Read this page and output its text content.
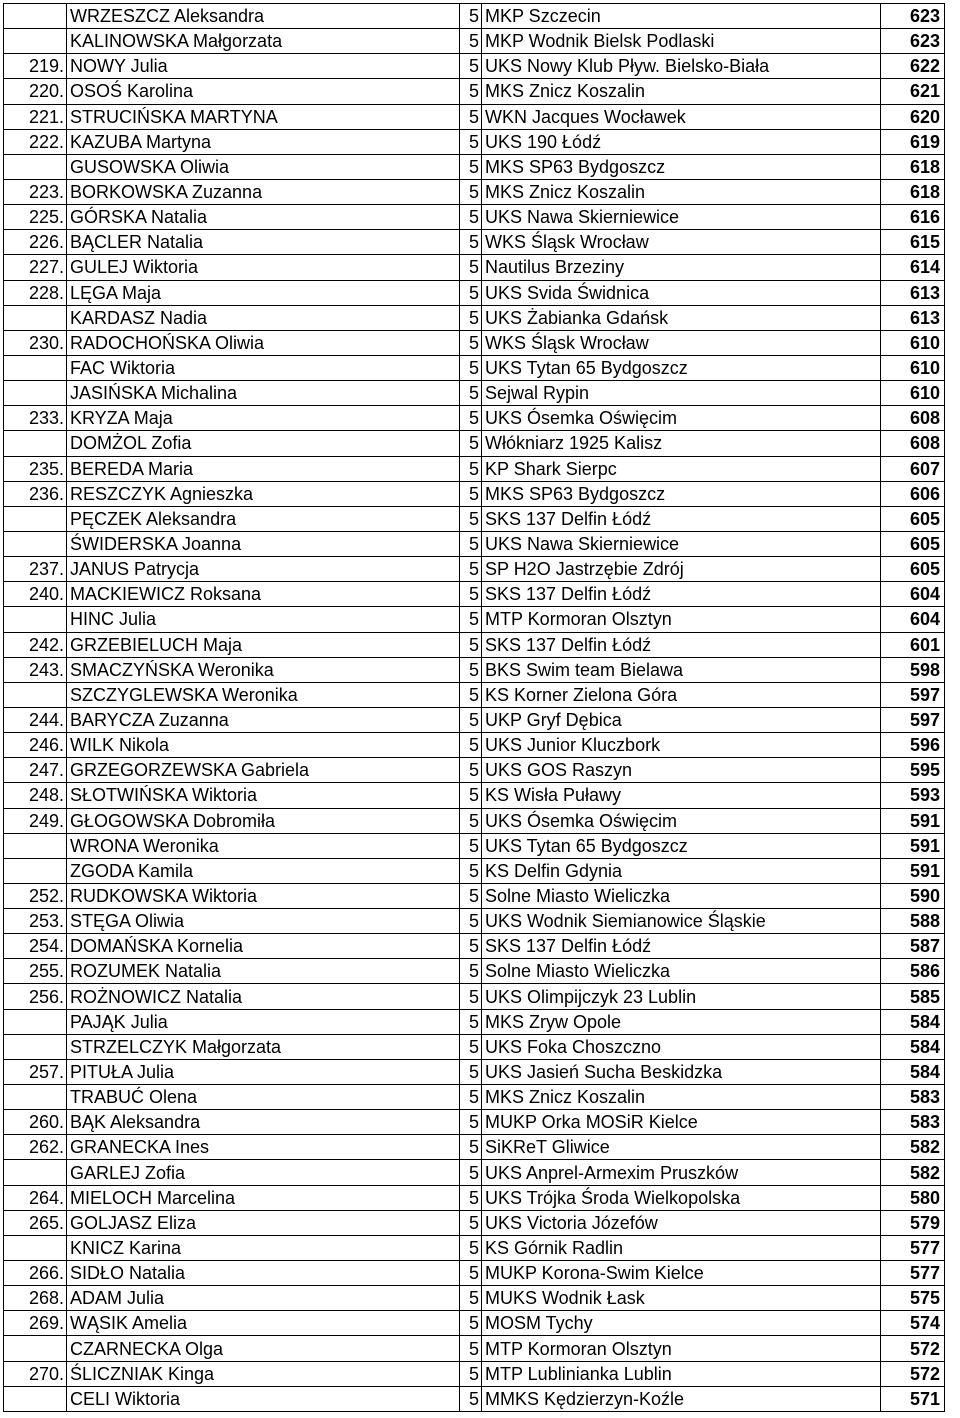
	WRZESZCZ Aleksandra	5	MKP Szczecin	623
	KALINOWSKA Małgorzata	5	MKP Wodnik Bielsk Podlaski	623
219.	NOWY Julia	5	UKS Nowy Klub Pływ. Bielsko-Biała	622
220.	OSOŚ Karolina	5	MKS Znicz Koszalin	621
221.	STRUCIŃSKA MARTYNA	5	WKN Jacques Wocławek	620
222.	KAZUBA Martyna	5	UKS 190 Łódź	619
	GUSOWSKA Oliwia	5	MKS SP63 Bydgoszcz	618
223.	BORKOWSKA Zuzanna	5	MKS Znicz Koszalin	618
225.	GÓRSKA Natalia	5	UKS Nawa Skierniewice	616
226.	BĄCLER Natalia	5	WKS Śląsk Wrocław	615
227.	GULEJ Wiktoria	5	Nautilus Brzeziny	614
228.	LĘGA Maja	5	UKS Svida Świdnica	613
	KARDASZ Nadia	5	UKS Żabianka Gdańsk	613
230.	RADOCHOŃSKA Oliwia	5	WKS Śląsk Wrocław	610
	FAC Wiktoria	5	UKS Tytan 65 Bydgoszcz	610
	JASIŃSKA Michalina	5	Sejwal Rypin	610
233.	KRYZA Maja	5	UKS Ósemka Oświęcim	608
	DOMŻOL Zofia	5	Włókniarz 1925 Kalisz	608
235.	BEREDA Maria	5	KP Shark Sierpc	607
236.	RESZCZYK Agnieszka	5	MKS SP63 Bydgoszcz	606
	PĘCZEK Aleksandra	5	SKS 137 Delfin Łódź	605
	ŚWIDERSKA Joanna	5	UKS Nawa Skierniewice	605
237.	JANUS Patrycja	5	SP H2O Jastrzębie Zdrój	605
240.	MACKIEWICZ Roksana	5	SKS 137 Delfin Łódź	604
	HINC Julia	5	MTP Kormoran Olsztyn	604
242.	GRZEBIELUCH Maja	5	SKS 137 Delfin Łódź	601
243.	SMACZYŃSKA Weronika	5	BKS Swim team Bielawa	598
	SZCZYGLEWSKA Weronika	5	KS Korner Zielona Góra	597
244.	BARYCZA Zuzanna	5	UKP Gryf Dębica	597
246.	WILK Nikola	5	UKS Junior Kluczbork	596
247.	GRZEGORZEWSKA Gabriela	5	UKS GOS Raszyn	595
248.	SŁOTWIŃSKA Wiktoria	5	KS Wisła Puławy	593
249.	GŁOGOWSKA Dobromiła	5	UKS Ósemka Oświęcim	591
	WRONA Weronika	5	UKS Tytan 65 Bydgoszcz	591
	ZGODA Kamila	5	KS Delfin Gdynia	591
252.	RUDKOWSKA Wiktoria	5	Solne Miasto Wieliczka	590
253.	STĘGA Oliwia	5	UKS Wodnik Siemianowice Śląskie	588
254.	DOMAŃSKA Kornelia	5	SKS 137 Delfin Łódź	587
255.	ROZUMEK Natalia	5	Solne Miasto Wieliczka	586
256.	ROŻNOWICZ Natalia	5	UKS Olimpijczyk 23 Lublin	585
	PAJĄK Julia	5	MKS Zryw Opole	584
	STRZELCZYK Małgorzata	5	UKS Foka Choszczno	584
257.	PITUŁA Julia	5	UKS Jasień Sucha Beskidzka	584
	TRABUĆ Olena	5	MKS Znicz Koszalin	583
260.	BĄK Aleksandra	5	MUKP Orka MOSiR Kielce	583
262.	GRANECKA Ines	5	SiKReT Gliwice	582
	GARLEJ Zofia	5	UKS Anprel-Armexim Pruszków	582
264.	MIELOCH Marcelina	5	UKS Trójka Środa Wielkopolska	580
265.	GOLJASZ Eliza	5	UKS Victoria Józefów	579
	KNICZ Karina	5	KS Górnik Radlin	577
266.	SIDŁO Natalia	5	MUKP Korona-Swim Kielce	577
268.	ADAM Julia	5	MUKS Wodnik Łask	575
269.	WĄSIK Amelia	5	MOSM Tychy	574
	CZARNECKA Olga	5	MTP Kormoran Olsztyn	572
270.	ŚLICZNIAK Kinga	5	MTP Lublinianka Lublin	572
	CELI Wiktoria	5	MMKS Kędzierzyn-Koźle	571
